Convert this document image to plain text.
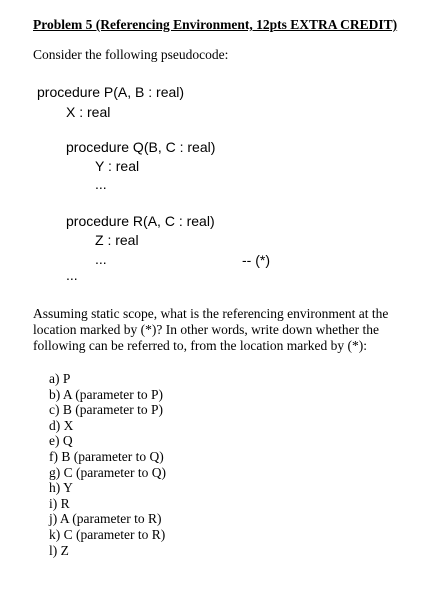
Problem 5 (Referencing Environment, 12pts EXTRA CREDIT)
Consider the following pseudocode:
procedure P(A, B : real)
X : real
procedure Q(B, C : real)
Y : real
...
procedure R(A, C : real)
Z : real
...	-- (*)
...
Assuming static scope, what is the referencing environment at the location marked by (*)? In other words, write down whether the following can be referred to, from the location marked by (*):
a) P
b) A (parameter to P)
c) B (parameter to P)
d) X
e) Q
f) B (parameter to Q)
g) C (parameter to Q)
h) Y
i) R
j) A (parameter to R)
k) C (parameter to R)
l) Z
